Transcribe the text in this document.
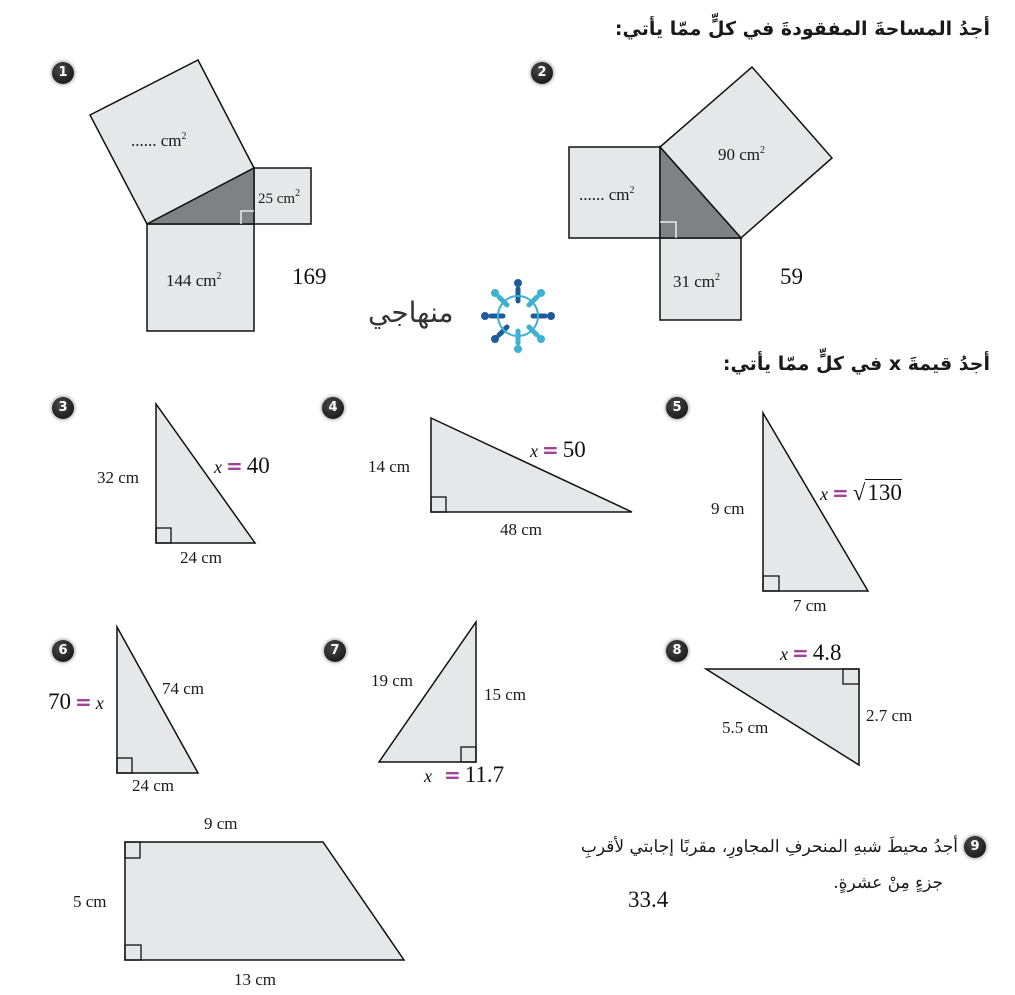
أجدُ المساحةَ المفقودةَ في كلٍّ ممّا يأتي:
1
...... $cm^2$
25 $cm^2$
144 $cm^2$	169
2
90 $cm^2$
...... $cm^2$
31 $cm^2$	59
منهاجي
أجدُ قيمةَ x في كلٍّ ممّا يأتي:
3
32 cm
24 cm
x = 40
4
14 cm
48 cm
x = 50
5
9 cm
7 cm
x = √130
6
74 cm
24 cm
70 = x
7
19 cm
15 cm
x = 11.7
8
5.5 cm
2.7 cm
x = 4.8
9 cm
5 cm
13 cm
9
أجدُ محيطَ شبهِ المنحرفِ المجاورِ، مقربًا إجابتي لأقربِ
جزءٍ مِنْ عشرةٍ.
33.4
